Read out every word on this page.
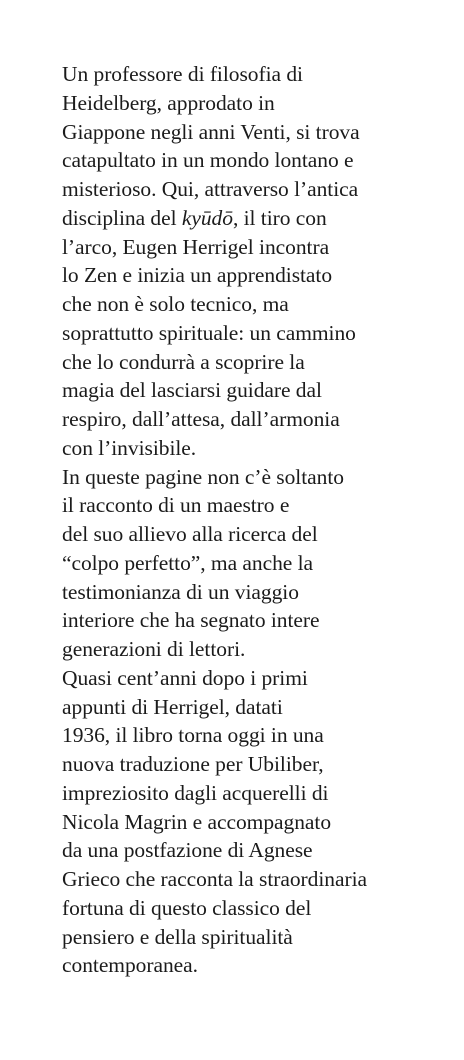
Un professore di filosofia di
Heidelberg, approdato in
Giappone negli anni Venti, si trova
catapultato in un mondo lontano e
misterioso. Qui, attraverso l’antica
disciplina del kyūdō, il tiro con
l’arco, Eugen Herrigel incontra
lo Zen e inizia un apprendistato
che non è solo tecnico, ma
soprattutto spirituale: un cammino
che lo condurrà a scoprire la
magia del lasciarsi guidare dal
respiro, dall’attesa, dall’armonia
con l’invisibile.
In queste pagine non c’è soltanto
il racconto di un maestro e
del suo allievo alla ricerca del
“colpo perfetto”, ma anche la
testimonianza di un viaggio
interiore che ha segnato intere
generazioni di lettori.
Quasi cent’anni dopo i primi
appunti di Herrigel, datati
1936, il libro torna oggi in una
nuova traduzione per Ubiliber,
impreziosito dagli acquerelli di
Nicola Magrin e accompagnato
da una postfazione di Agnese
Grieco che racconta la straordinaria
fortuna di questo classico del
pensiero e della spiritualità
contemporanea.
